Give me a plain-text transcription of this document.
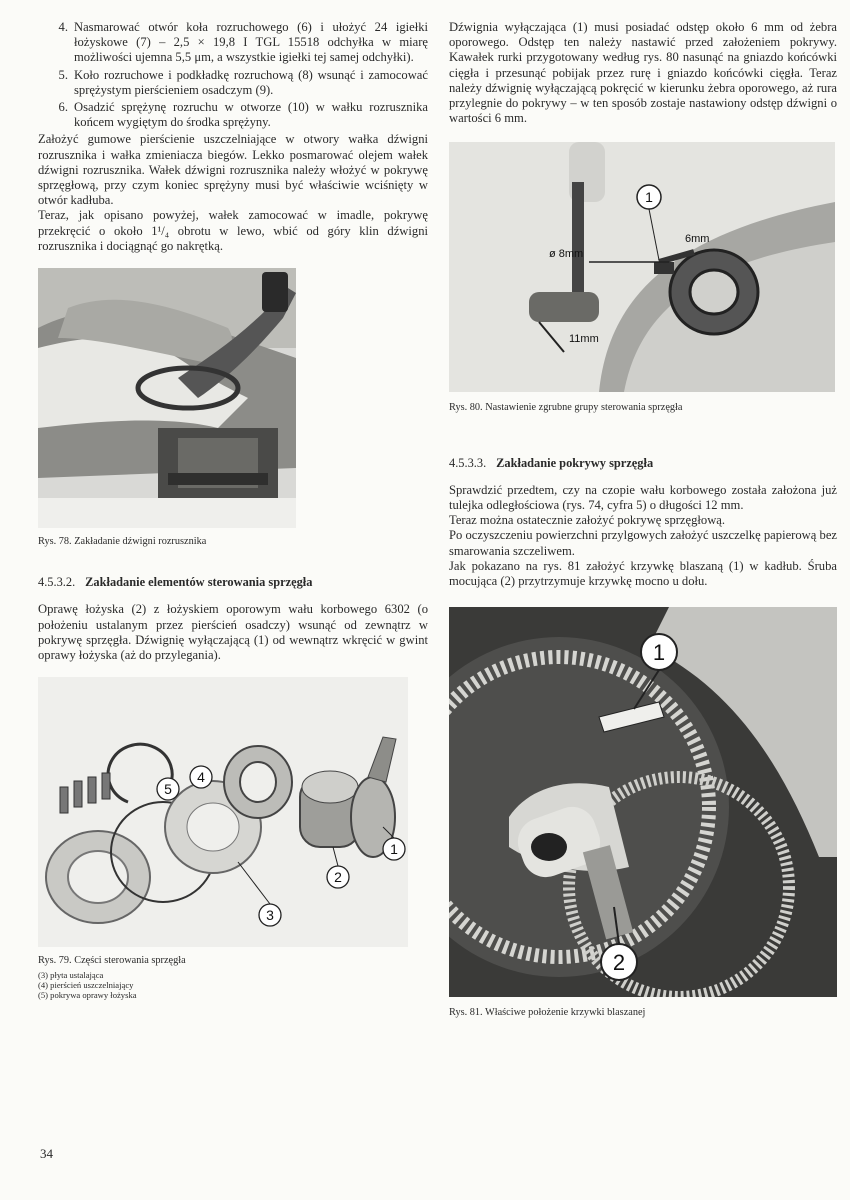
4. Nasmarować otwór koła rozruchowego (6) i ułożyć 24 igiełki łożyskowe (7) – 2,5 × 19,8 I TGL 15518 odchyłka w miarę możliwości ujemna 5,5 μm, a wszystkie igiełki tej samej odchyłki).
5. Koło rozruchowe i podkładkę rozruchową (8) wsunąć i zamocować sprężystym pierścieniem osadczym (9).
6. Osadzić sprężynę rozruchu w otworze (10) w wałku rozrusznika końcem wygiętym do środka sprężyny.

Założyć gumowe pierścienie uszczelniające w otwory wałka dźwigni rozrusznika i wałka zmieniacza biegów. Lekko posmarować olejem wałek dźwigni rozrusznika. Wałek dźwigni rozrusznika należy włożyć w pokrywę sprzęgłową, przy czym koniec sprężyny musi być właściwie wciśnięty w otwór kadłuba.

Teraz, jak opisano powyżej, wałek zamocować w imadle, pokrywę przekręcić o około 1¹/₄ obrotu w lewo, wbić od góry klin dźwigni rozrusznika i dociągnąć go nakrętką.

Rys. 78. Zakładanie dźwigni rozrusznika

4.5.3.2. Zakładanie elementów sterowania sprzęgła

Oprawę łożyska (2) z łożyskiem oporowym wału korbowego 6302 (o położeniu ustalanym przez pierścień osadczy) wsunąć od zewnątrz w pokrywę sprzęgła. Dźwignię wyłączającą (1) od wewnątrz wkręcić w gwint oprawy łożyska (aż do przylegania).

5
4
1
2
3

Rys. 79. Części sterowania sprzęgła

(3) płyta ustalająca

(4) pierścień uszczelniający

(5) pokrywa oprawy łożyska

Dźwignia wyłączająca (1) musi posiadać odstęp około 6 mm od żebra oporowego. Odstęp ten należy nastawić przed założeniem pokrywy. Kawałek rurki przygotowany według rys. 80 nasunąć na gniazdo końcówki cięgła i przesunąć pobijak przez rurę i gniazdo końcówki cięgła. Teraz należy dźwignię wyłączającą pokręcić w kierunku żebra oporowego, aż rura przylegnie do pokrywy – w ten sposób zostaje nastawiony odstęp dźwigni o wartości 6 mm.

1
ø 8mm
6mm
11mm

Rys. 80. Nastawienie zgrubne grupy sterowania sprzęgła

4.5.3.3. Zakładanie pokrywy sprzęgła

Sprawdzić przedtem, czy na czopie wału korbowego została założona już tulejka odległościowa (rys. 74, cyfra 5) o długości 12 mm.

Teraz można ostatecznie założyć pokrywę sprzęgłową.

Po oczyszczeniu powierzchni przylgowych założyć uszczelkę papierową bez smarowania szczeliwem.

Jak pokazano na rys. 81 założyć krzywkę blaszaną (1) w kadłub. Śruba mocująca (2) przytrzymuje krzywkę mocno u dołu.

1
2

Rys. 81. Właściwe położenie krzywki blaszanej

34
